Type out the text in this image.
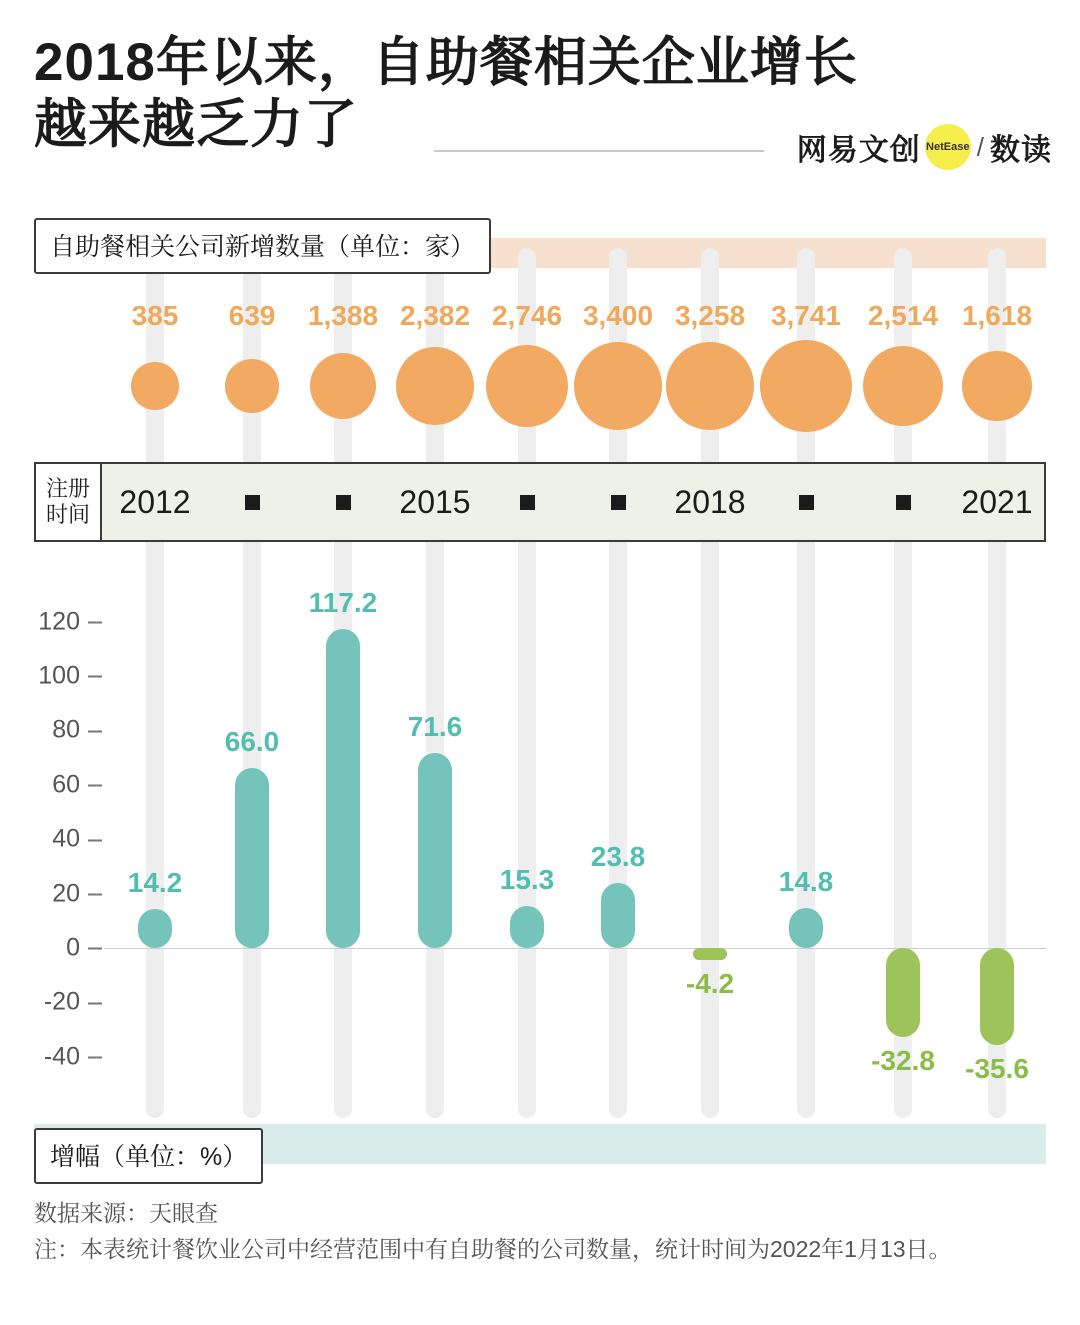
2018年以来，自助餐相关企业增长
越来越乏力了	网易文创 NetEase / 数读
自助餐相关公司新增数量（单位：家）
增幅（单位：%）
385	639	1,388 2,382 2,746 3,400 3,258 3,741 2,514 1,618
注册
时间 2012	2015	2018	2021
120
100
80
60
40
20
0
-20
-40
14.2
66.0
117.2
71.6
15.3
23.8
-4.2
14.8
-32.8	-35.6
数据来源：天眼查
注：本表统计餐饮业公司中经营范围中有自助餐的公司数量，统计时间为2022年1月13日。
